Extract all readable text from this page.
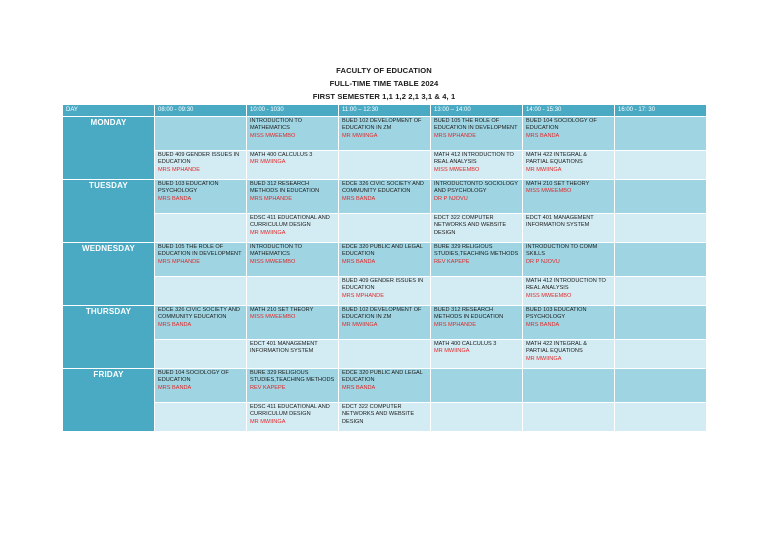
FACULTY OF EDUCATION
FULL-TIME TIME TABLE 2024
FIRST SEMESTER 1,1 1,2 2,1 3,1 & 4, 1
DAY	08:00 - 09:30	10:00 - 1030	11:00 – 12:30	13:00 – 14:00	14:00 - 15:30	16:00 - 17: 30
MONDAY		INTRODUCTION TO MATHEMATICS
MISS MWEEMBO	BUED 102 DEVELOPMENT OF EDUCATION IN ZM
MR MWIINGA	BUED 105 THE ROLE OF EDUCATION IN DEVELOPMENT
MRS MPHANDE	BUED 104 SOCIOLOGY OF EDUCATION
MRS BANDA	

	BUED 409 GENDER ISSUES IN EDUCATION
MRS MPHANDE	MATH 400 CALCULUS 3
MR MWIINGA		MATH 412 INTRODUCTION TO REAL ANALYSIS
MISS MWEEMBO	MATH 422 INTEGRAL & PARTIAL EQUATIONS
MR MWIINGA	

TUESDAY	BUED 103 EDUCATION PSYCHOLOGY
MRS BANDA	BUED 312 RESEARCH METHODS IN EDUCATION
MRS MPHANDE	EDCE 326 CIVIC SOCIETY AND COMMUNITY EDUCATION
MRS BANDA	INTRODUCTONTO SOCIOLOGY AND PSYCHOLOGY
DR P NJOVU	MATH 210 SET THEORY
MISS MWEEMBO	

		EDSC 411 EDUCATIONAL AND CURRICULUM DESIGN
MR MWIINGA		EDCT 322 COMPUTER NETWORKS AND WEBSITE DESIGN	EDCT 401 MANAGEMENT INFORMATION SYSTEM	

WEDNESDAY	BUED 105 THE ROLE OF EDUCATION IN DEVELOPMENT
MRS MPHANDE	INTRODUCTION TO MATHEMATICS
MISS MWEEMBO	EDCE 320 PUBLIC AND LEGAL EDUCATION
MRS BANDA	BURE 329 RELIGIOUS STUDIES,TEACHING METHODS
REV KAPEPE	INTRODUCTION TO COMM SKILLS
DR P NJOVU	

			BUED 409 GENDER ISSUES IN EDUCATION
MRS MPHANDE		MATH 412 INTRODUCTION TO REAL ANALYSIS
MISS MWEEMBO	

THURSDAY	EDCE 326 CIVIC SOCIETY AND COMMUNITY EDUCATION
MRS BANDA	MATH 210 SET THEORY
MISS MWEEMBO	BUED 102 DEVELOPMENT OF EDUCATION IN ZM
MR MWIINGA	BUED 312 RESEARCH METHODS IN EDUCATION
MRS MPHANDE	BUED 103 EDUCATION PSYCHOLOGY
MRS BANDA	

		EDCT 401 MANAGEMENT INFORMATION SYSTEM		MATH 400 CALCULUS 3
MR MWIINGA	MATH 422 INTEGRAL & PARTIAL EQUATIONS
MR MWIINGA	

FRIDAY	BUED 104 SOCIOLOGY OF EDUCATION
MRS BANDA	BURE 329 RELIGIOUS STUDIES,TEACHING METHODS
REV KAPEPE	EDCE 320 PUBLIC AND LEGAL EDUCATION
MRS BANDA			

		EDSC 411 EDUCATIONAL AND CURRICULUM DESIGN
MR MWIINGA	EDCT 322 COMPUTER NETWORKS AND WEBSITE DESIGN			
